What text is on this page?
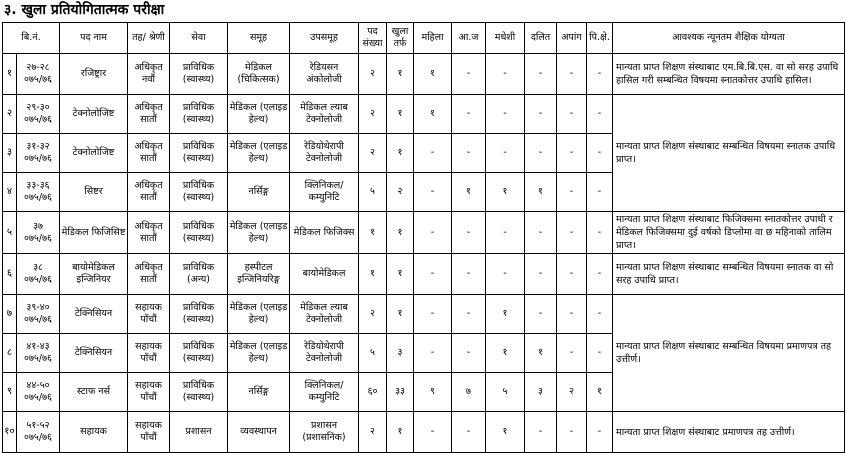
३. खुला प्रतियोगितात्मक परीक्षा
बि.नं.		पद नाम	तह/ श्रेणी	सेवा	समूह	उपसमूह	पद संख्या	खुला तर्फ	महिला	आ.ज	मधेशी	दलित	अपांग	पि.क्षे.	आवश्यक न्यूनतम शैक्षिक योग्यता
१	२७-२८ ०७५/७६	रजिष्ट्रार	अधिकृत नवौं	प्राविधिक (स्वास्थ्य)	मेडिकल (चिकित्सक)	रेडियसन अंकोलोजी	२	१	१	-	-	-	-	-	मान्यता प्राप्त शिक्षण संस्थाबाट एम.बि.बि.एस. वा सो सरह उपाधि हासिल गरी सम्बन्धित विषयमा स्नातकोत्तर उपाधि हासिल।
२	२९-३० ०७५/७६	टेक्नोलोजिष्ट	अधिकृत सातौं	प्राविधिक (स्वास्थ्य)	मेडिकल (एलाइड हेल्थ)	मेडिकल ल्याब टेक्नोलोजी	२	१	१	-	-	-	-	-	मान्यता प्राप्त शिक्षण संस्थाबाट सम्बन्धित विषयमा स्नातक उपाधि प्राप्त।
३	३१-३२ ०७५/७६	टेक्नोलोजिष्ट	अधिकृत सातौं	प्राविधिक (स्वास्थ्य)	मेडिकल (एलाइड हेल्थ)	रेडियोथेरापी टेक्नोलोजी	२	१	-	-	-	-	-	-	
४	३३-३६ ०७५/७६	सिष्टर	अधिकृत सातौं	प्राविधिक (स्वास्थ्य)	नर्सिङ्ग	क्लिनिकल/ कम्युनिटि	५	२	-	१	१	१	-	-	
५	३७ ०७५/७६	मेडिकल फिजिसिष्ट	अधिकृत सातौं	प्राविधिक (स्वास्थ्य)	मेडिकल (एलाइड हेल्थ)	मेडिकल फिजिक्स	१	१	-	-	-	-	-	-	मान्यता प्राप्त शिक्षण संस्थाबाट फिजिक्समा स्नातकोत्तर उपाधी र मेडिकल फिजिक्समा दुई वर्षको डिप्लोमा वा छ महिनाको तालिम प्राप्त।
६	३८ ०७५/७६	बायोमेडिकल इन्जिनियर	अधिकृत सातौं	प्राविधिक (अन्य)	हस्पीटल इन्जिनियरिङ्ग	बायोमेडिकल	१	१	-	-	-	-	-	-	मान्यता प्राप्त शिक्षण संस्थाबाट सम्बन्धित विषयमा स्नातक वा सो सरह उपाधि प्राप्त।
७	३९-४० ०७५/७६	टेक्निसियन	सहायक पाँचौं	प्राविधिक (स्वास्थ्य)	मेडिकल (एलाइड हेल्थ)	मेडिकल ल्याब टेक्नोलोजी	२	१	-	-	१	-	-	-	मान्यता प्राप्त शिक्षण संस्थाबाट सम्बन्धित विषयमा प्रमाणपत्र तह उत्तीर्ण।
८	४१-४३ ०७५/७६	टेक्निसियन	सहायक पाँचौं	प्राविधिक (स्वास्थ्य)	मेडिकल (एलाइड हेल्थ)	रेडियोथेरापी टेक्नोलोजी	५	३	-	-	१	१	-	-	
९	४४-५० ०७५/७६	स्टाफ नर्स	सहायक पाँचौं	प्राविधिक (स्वास्थ्य)	नर्सिङ्ग	क्लिनिकल/ कम्युनिटि	६०	३३	९	७	५	३	२	१	
१०	५१-५२ ०७५/७६	सहायक	सहायक पाँचौं	प्रशासन	व्यवस्थापन	प्रशासन (प्रशासनिक)	२	१	-	-	१	-	-	-	मान्यता प्राप्त शिक्षण संस्थाबाट प्रमाणपत्र तह उत्तीर्ण।
